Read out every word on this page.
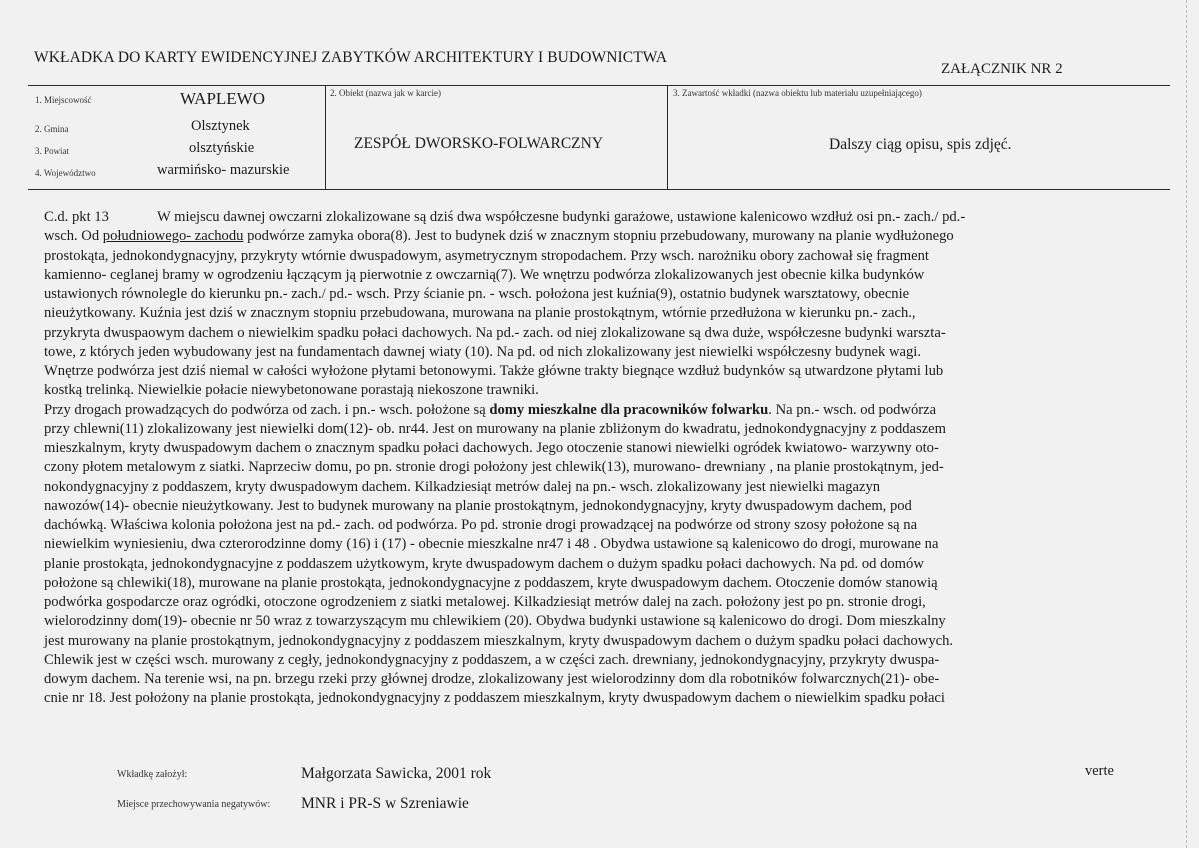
WKŁADKA DO KARTY EWIDENCYJNEJ ZABYTKÓW ARCHITEKTURY I BUDOWNICTWA
ZAŁĄCZNIK NR 2
1. Miejscowość	WAPLEWO
2. Gmina	Olsztynek
3. Powiat	olsztyńskie
4. Województwo	warmińsko- mazurskie
2. Obiekt (nazwa jak w karcie)
ZESPÓŁ DWORSKO-FOLWARCZNY
3. Zawartość wkładki (nazwa obiektu lub materiału uzupełniającego)
Dalszy ciąg opisu, spis zdjęć.
C.d. pkt 13	W miejscu dawnej owczarni zlokalizowane są dziś dwa współczesne budynki garażowe, ustawione kalenicowo wzdłuż osi pn.- zach./ pd.-
wsch. Od południowego- zachodu podwórze zamyka obora(8). Jest to budynek dziś w znacznym stopniu przebudowany, murowany na planie wydłużonego
prostokąta, jednokondygnacyjny, przykryty wtórnie dwuspadowym, asymetrycznym stropodachem. Przy wsch. narożniku obory zachował się fragment
kamienno- ceglanej bramy w ogrodzeniu łączącym ją pierwotnie z owczarnią(7). We wnętrzu podwórza zlokalizowanych jest obecnie kilka budynków
ustawionych równolegle do kierunku pn.- zach./ pd.- wsch. Przy ścianie pn. - wsch. położona jest kuźnia(9), ostatnio budynek warsztatowy, obecnie
nieużytkowany. Kuźnia jest dziś w znacznym stopniu przebudowana, murowana na planie prostokątnym, wtórnie przedłużona w kierunku pn.- zach.,
przykryta dwuspaowym dachem o niewielkim spadku połaci dachowych. Na pd.- zach. od niej zlokalizowane są dwa duże, współczesne budynki warszta-
towe, z których jeden wybudowany jest na fundamentach dawnej wiaty (10). Na pd. od nich zlokalizowany jest niewielki współczesny budynek wagi.
Wnętrze podwórza jest dziś niemal w całości wyłożone płytami betonowymi. Także główne trakty biegnące wzdłuż budynków są utwardzone płytami lub
kostką trelinką. Niewielkie połacie niewybetonowane porastają niekoszone trawniki.
Przy drogach prowadzących do podwórza od zach. i pn.- wsch. położone są domy mieszkalne dla pracowników folwarku. Na pn.- wsch. od podwórza
przy chlewni(11) zlokalizowany jest niewielki dom(12)- ob. nr44. Jest on murowany na planie zbliżonym do kwadratu, jednokondygnacyjny z poddaszem
mieszkalnym, kryty dwuspadowym dachem o znacznym spadku połaci dachowych. Jego otoczenie stanowi niewielki ogródek kwiatowo- warzywny oto-
czony płotem metalowym z siatki. Naprzeciw domu, po pn. stronie drogi położony jest chlewik(13), murowano- drewniany , na planie prostokątnym, jed-
nokondygnacyjny z poddaszem, kryty dwuspadowym dachem. Kilkadziesiąt metrów dalej na pn.- wsch. zlokalizowany jest niewielki magazyn
nawozów(14)- obecnie nieużytkowany. Jest to budynek murowany na planie prostokątnym, jednokondygnacyjny, kryty dwuspadowym dachem, pod
dachówką. Właściwa kolonia położona jest na pd.- zach. od podwórza. Po pd. stronie drogi prowadzącej na podwórze od strony szosy położone są na
niewielkim wyniesieniu, dwa czterorodzinne domy (16) i (17) - obecnie mieszkalne nr47 i 48 . Obydwa ustawione są kalenicowo do drogi, murowane na
planie prostokąta, jednokondygnacyjne z poddaszem użytkowym, kryte dwuspadowym dachem o dużym spadku połaci dachowych. Na pd. od domów
położone są chlewiki(18), murowane na planie prostokąta, jednokondygnacyjne z poddaszem, kryte dwuspadowym dachem. Otoczenie domów stanowią
podwórka gospodarcze oraz ogródki, otoczone ogrodzeniem z siatki metalowej. Kilkadziesiąt metrów dalej na zach. położony jest po pn. stronie drogi,
wielorodzinny dom(19)- obecnie nr 50 wraz z towarzyszącym mu chlewikiem (20). Obydwa budynki ustawione są kalenicowo do drogi. Dom mieszkalny
jest murowany na planie prostokątnym, jednokondygnacyjny z poddaszem mieszkalnym, kryty dwuspadowym dachem o dużym spadku połaci dachowych.
Chlewik jest w części wsch. murowany z cegły, jednokondygnacyjny z poddaszem, a w części zach. drewniany, jednokondygnacyjny, przykryty dwuspa-
dowym dachem. Na terenie wsi, na pn. brzegu rzeki przy głównej drodze, zlokalizowany jest wielorodzinny dom dla robotników folwarcznych(21)- obe-
cnie nr 18. Jest położony na planie prostokąta, jednokondygnacyjny z poddaszem mieszkalnym, kryty dwuspadowym dachem o niewielkim spadku połaci
Wkładkę założył:	Małgorzata Sawicka, 2001 rok	verte
Miejsce przechowywania negatywów: MNR i PR-S w Szreniawie
